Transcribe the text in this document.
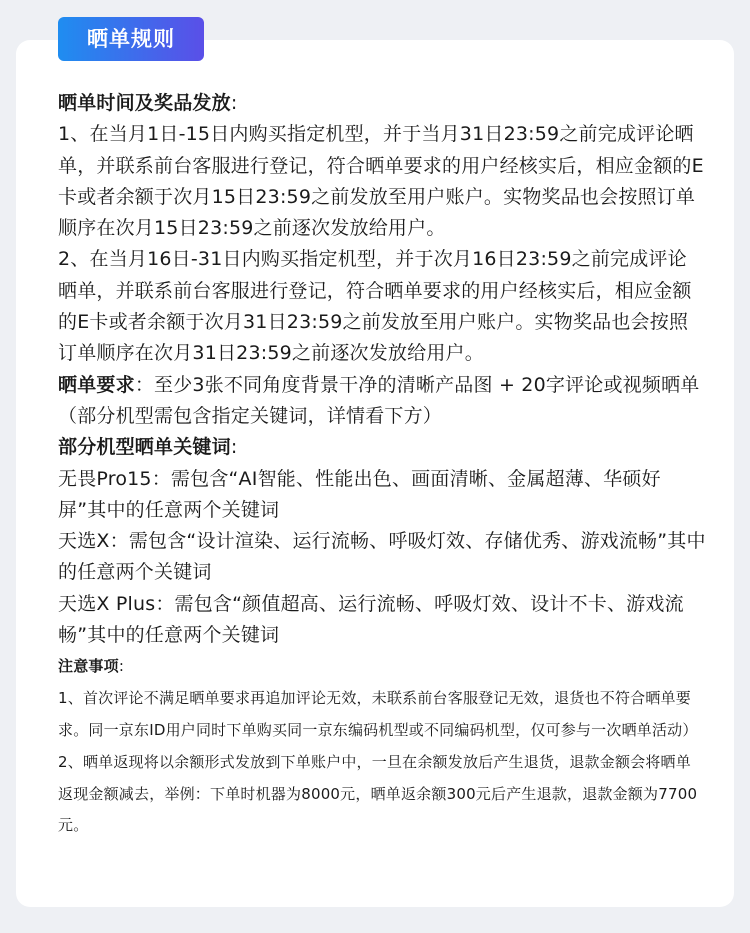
晒单规则

晒单时间及奖品发放:

1、在当月1日-15日内购买指定机型，并于当月31日23:59之前完成评论晒单，并联系前台客服进行登记，符合晒单要求的用户经核实后，相应金额的E卡或者余额于次月15日23:59之前发放至用户账户。实物奖品也会按照订单顺序在次月15日23:59之前逐次发放给用户。

2、在当月16日-31日内购买指定机型，并于次月16日23:59之前完成评论晒单，并联系前台客服进行登记，符合晒单要求的用户经核实后，相应金额的E卡或者余额于次月31日23:59之前发放至用户账户。实物奖品也会按照订单顺序在次月31日23:59之前逐次发放给用户。

晒单要求：至少3张不同角度背景干净的清晰产品图 + 20字评论或视频晒单（部分机型需包含指定关键词，详情看下方）

部分机型晒单关键词:

无畏Pro15：需包含“AI智能、性能出色、画面清晰、金属超薄、华硕好屏”其中的任意两个关键词

天选X：需包含“设计渲染、运行流畅、呼吸灯效、存储优秀、游戏流畅”其中的任意两个关键词

天选X Plus：需包含“颜值超高、运行流畅、呼吸灯效、设计不卡、游戏流畅”其中的任意两个关键词

注意事项:

1、首次评论不满足晒单要求再追加评论无效，未联系前台客服登记无效，退货也不符合晒单要求。同一京东ID用户同时下单购买同一京东编码机型或不同编码机型，仅可参与一次晒单活动）

2、晒单返现将以余额形式发放到下单账户中，一旦在余额发放后产生退货，退款金额会将晒单返现金额减去，举例：下单时机器为8000元，晒单返余额300元后产生退款，退款金额为7700元。
